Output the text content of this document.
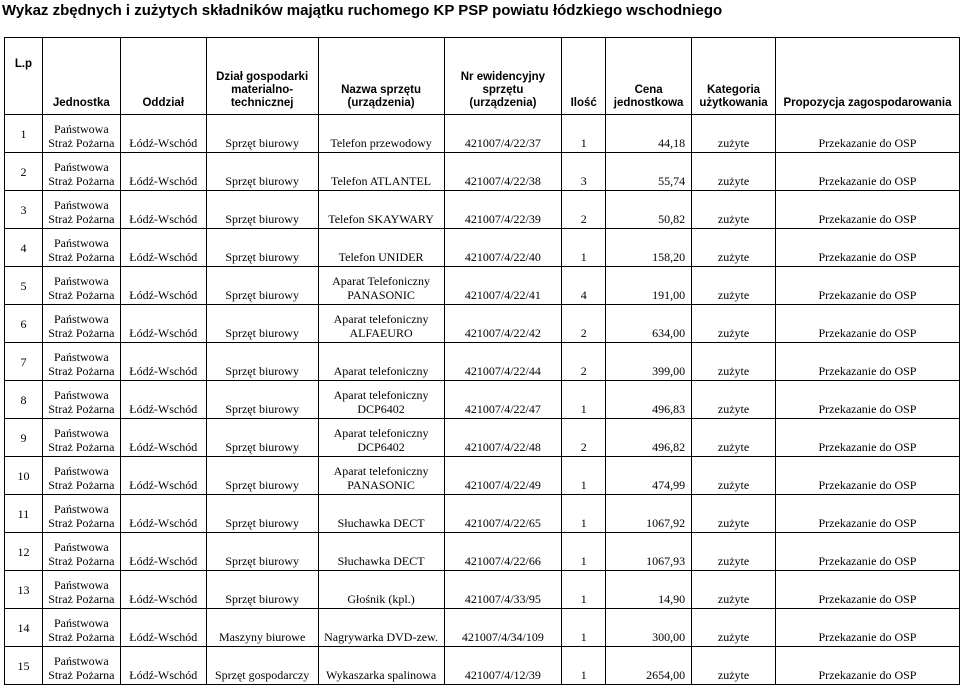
Wykaz zbędnych i zużytych składników majątku ruchomego KP PSP powiatu łódzkiego wschodniego
L.p	Jednostka	Oddział	Dział gospodarki
materialno-
technicznej	Nazwa sprzętu
(urządzenia)	Nr ewidencyjny
sprzętu
(urządzenia)	Ilość	Cena
jednostkowa	Kategoria
użytkowania	Propozycja zagospodarowania
1	Państwowa
Straż Pożarna	Łódź-Wschód	Sprzęt biurowy	Telefon przewodowy	421007/4/22/37	1	44,18	zużyte	Przekazanie do OSP
2	Państwowa
Straż Pożarna	Łódź-Wschód	Sprzęt biurowy	Telefon ATLANTEL	421007/4/22/38	3	55,74	zużyte	Przekazanie do OSP
3	Państwowa
Straż Pożarna	Łódź-Wschód	Sprzęt biurowy	Telefon SKAYWARY	421007/4/22/39	2	50,82	zużyte	Przekazanie do OSP
4	Państwowa
Straż Pożarna	Łódź-Wschód	Sprzęt biurowy	Telefon UNIDER	421007/4/22/40	1	158,20	zużyte	Przekazanie do OSP
5	Państwowa
Straż Pożarna	Łódź-Wschód	Sprzęt biurowy	Aparat Telefoniczny
PANASONIC	421007/4/22/41	4	191,00	zużyte	Przekazanie do OSP
6	Państwowa
Straż Pożarna	Łódź-Wschód	Sprzęt biurowy	Aparat telefoniczny
ALFAEURO	421007/4/22/42	2	634,00	zużyte	Przekazanie do OSP
7	Państwowa
Straż Pożarna	Łódź-Wschód	Sprzęt biurowy	Aparat telefoniczny	421007/4/22/44	2	399,00	zużyte	Przekazanie do OSP
8	Państwowa
Straż Pożarna	Łódź-Wschód	Sprzęt biurowy	Aparat telefoniczny
DCP6402	421007/4/22/47	1	496,83	zużyte	Przekazanie do OSP
9	Państwowa
Straż Pożarna	Łódź-Wschód	Sprzęt biurowy	Aparat telefoniczny
DCP6402	421007/4/22/48	2	496,82	zużyte	Przekazanie do OSP
10	Państwowa
Straż Pożarna	Łódź-Wschód	Sprzęt biurowy	Aparat telefoniczny
PANASONIC	421007/4/22/49	1	474,99	zużyte	Przekazanie do OSP
11	Państwowa
Straż Pożarna	Łódź-Wschód	Sprzęt biurowy	Słuchawka DECT	421007/4/22/65	1	1067,92	zużyte	Przekazanie do OSP
12	Państwowa
Straż Pożarna	Łódź-Wschód	Sprzęt biurowy	Słuchawka DECT	421007/4/22/66	1	1067,93	zużyte	Przekazanie do OSP
13	Państwowa
Straż Pożarna	Łódź-Wschód	Sprzęt biurowy	Głośnik (kpl.)	421007/4/33/95	1	14,90	zużyte	Przekazanie do OSP
14	Państwowa
Straż Pożarna	Łódź-Wschód	Maszyny biurowe	Nagrywarka DVD-zew.	421007/4/34/109	1	300,00	zużyte	Przekazanie do OSP
15	Państwowa
Straż Pożarna	Łódź-Wschód	Sprzęt gospodarczy	Wykaszarka spalinowa	421007/4/12/39	1	2654,00	zużyte	Przekazanie do OSP
